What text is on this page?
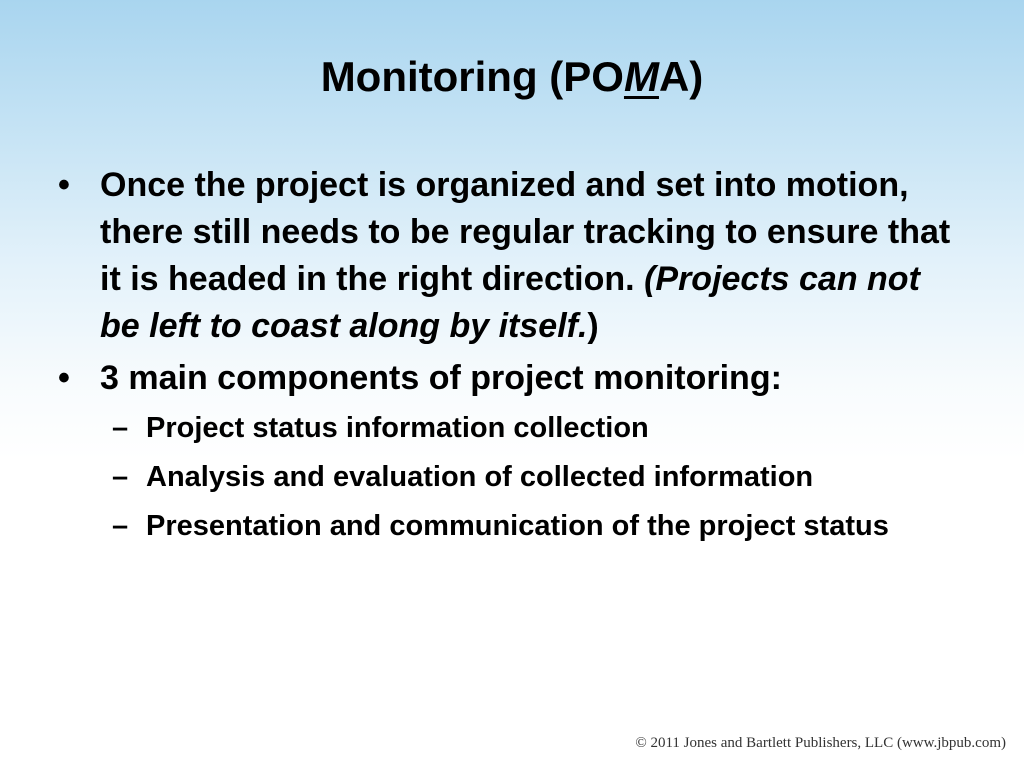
Monitoring (POMA)
• Once the project is organized and set into motion, there still needs to be regular tracking to ensure that it is headed in the right direction. (Projects can not be left to coast along by itself.)
• 3 main components of project monitoring:
– Project status information collection
– Analysis and evaluation of collected information
– Presentation and communication of the project status
© 2011 Jones and Bartlett Publishers, LLC (www.jbpub.com)
